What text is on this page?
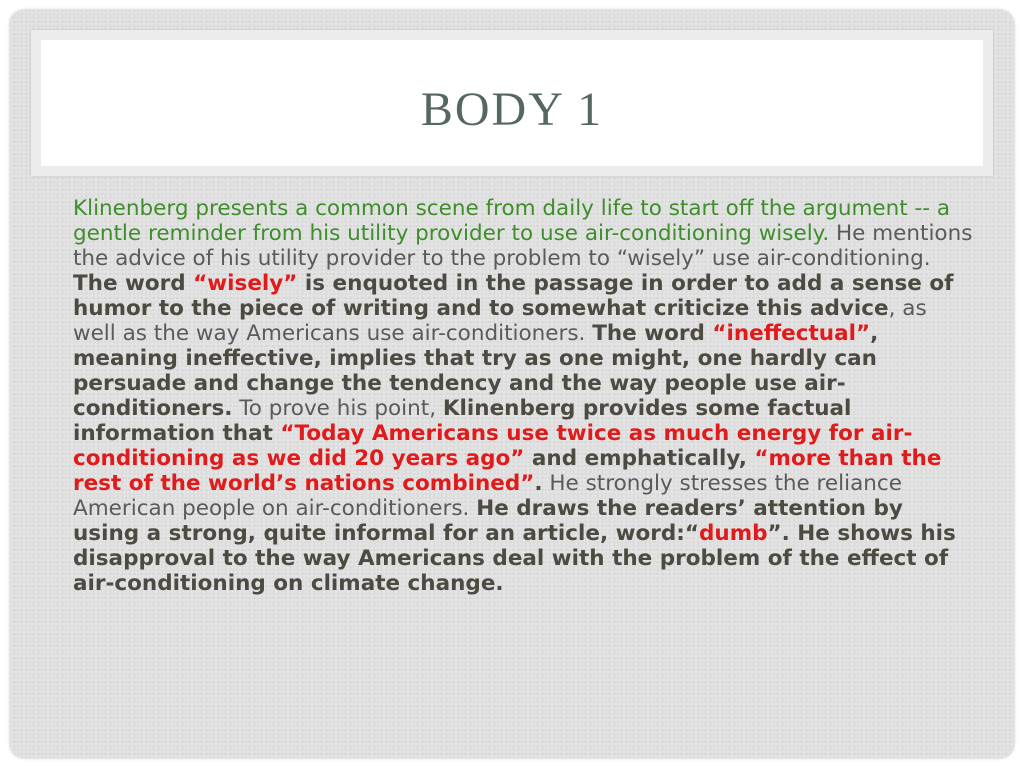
BODY 1

Klinenberg presents a common scene from daily life to start off the argument -- a gentle reminder from his utility provider to use air-conditioning wisely. He mentions the advice of his utility provider to the problem to “wisely” use air-conditioning. The word “wisely” is enquoted in the passage in order to add a sense of humor to the piece of writing and to somewhat criticize this advice, as well as the way Americans use air-conditioners. The word “ineffectual”, meaning ineffective, implies that try as one might, one hardly can persuade and change the tendency and the way people use air-conditioners. To prove his point, Klinenberg provides some factual information that “Today Americans use twice as much energy for air-conditioning as we did 20 years ago” and emphatically, “more than the rest of the world’s nations combined”. He strongly stresses the reliance American people on air-conditioners. He draws the readers’ attention by using a strong, quite informal for an article, word:“dumb”. He shows his disapproval to the way Americans deal with the problem of the effect of air-conditioning on climate change.
